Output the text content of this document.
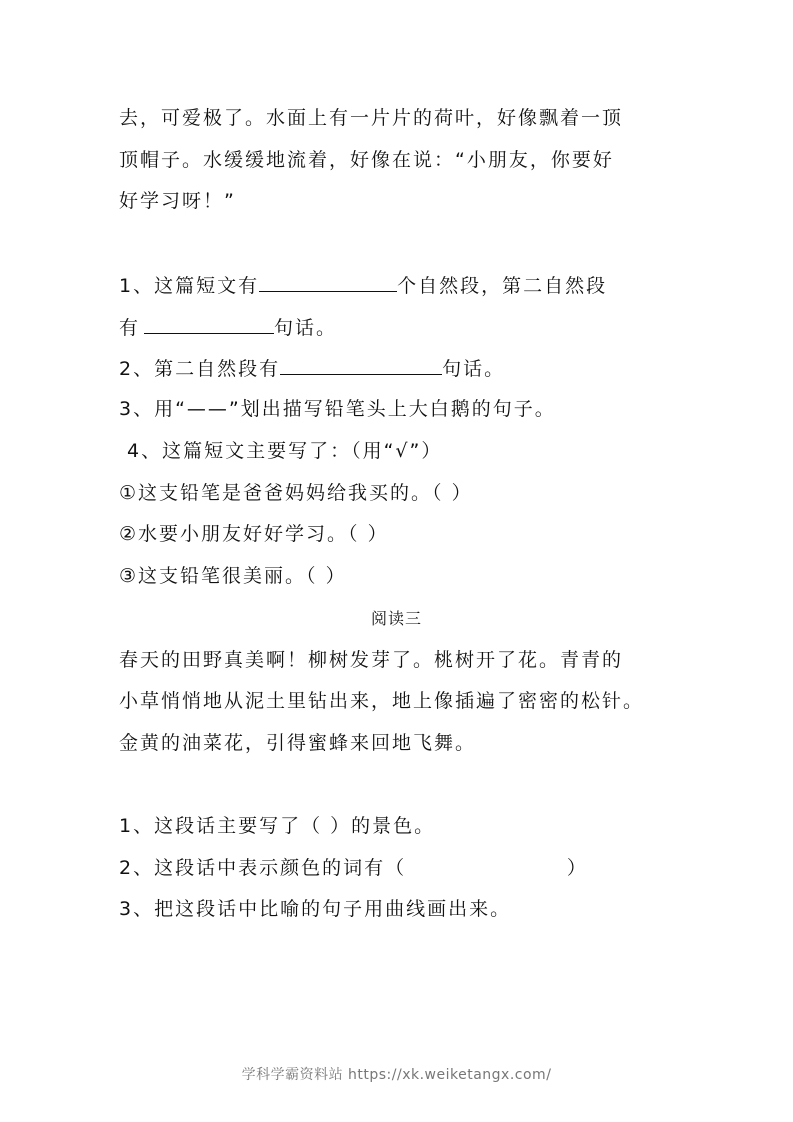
去，可爱极了。水面上有一片片的荷叶，好像飘着一顶
顶帽子。水缓缓地流着，好像在说：“小朋友，你要好
好学习呀！”
1、这篇短文有	个自然段，第二自然段
有	句话。
2、第二自然段有	句话。
3、用“——”划出描写铅笔头上大白鹅的句子。
4、这篇短文主要写了：（用“√”）
①这支铅笔是爸爸妈妈给我买的。（ ）
②水要小朋友好好学习。（ ）
③这支铅笔很美丽。（ ）
阅读三
春天的田野真美啊！柳树发芽了。桃树开了花。青青的
小草悄悄地从泥土里钻出来，地上像插遍了密密的松针。
金黄的油菜花，引得蜜蜂来回地飞舞。
1、这段话主要写了（ ）的景色。
2、这段话中表示颜色的词有（                    ）
3、把这段话中比喻的句子用曲线画出来。
学科学霸资料站 https://xk.weiketangx.com/
